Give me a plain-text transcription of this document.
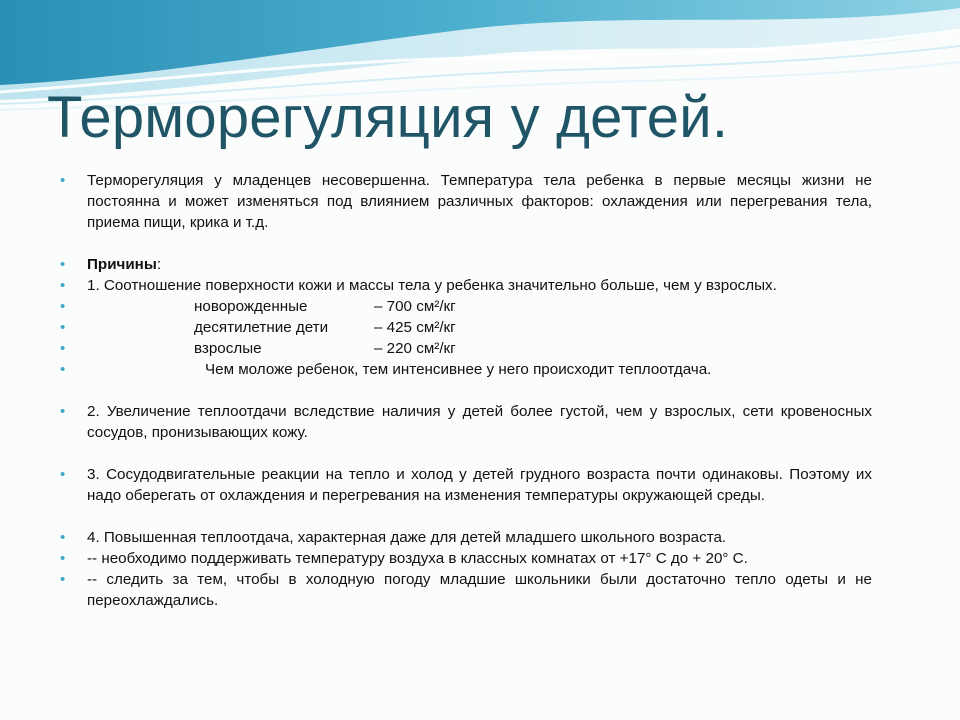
Терморегуляция у детей.
• Терморегуляция у младенцев несовершенна. Температура тела ребенка в первые месяцы жизни не постоянна и может изменяться под влиянием различных факторов: охлаждения или перегревания тела, приема пищи, крика и т.д.
• Причины:
• 1. Соотношение поверхности кожи и массы тела у ребенка значительно больше, чем у взрослых.
•	новорожденные	– 700 см²/кг
•	десятилетние дети	– 425 см²/кг
•	взрослые	– 220 см²/кг
•	Чем моложе ребенок, тем интенсивнее у него происходит теплоотдача.
• 2. Увеличение теплоотдачи вследствие наличия у детей более густой, чем у взрослых, сети кровеносных сосудов, пронизывающих кожу.
• 3. Сосудодвигательные реакции на тепло и холод у детей грудного возраста почти одинаковы. Поэтому их надо оберегать от охлаждения и перегревания на изменения температуры окружающей среды.
• 4. Повышенная теплоотдача, характерная даже для детей младшего школьного возраста.
• -- необходимо поддерживать температуру воздуха в классных комнатах от +17° С до + 20° С.
• -- следить за тем, чтобы в холодную погоду младшие школьники были достаточно тепло одеты и не переохлаждались.
